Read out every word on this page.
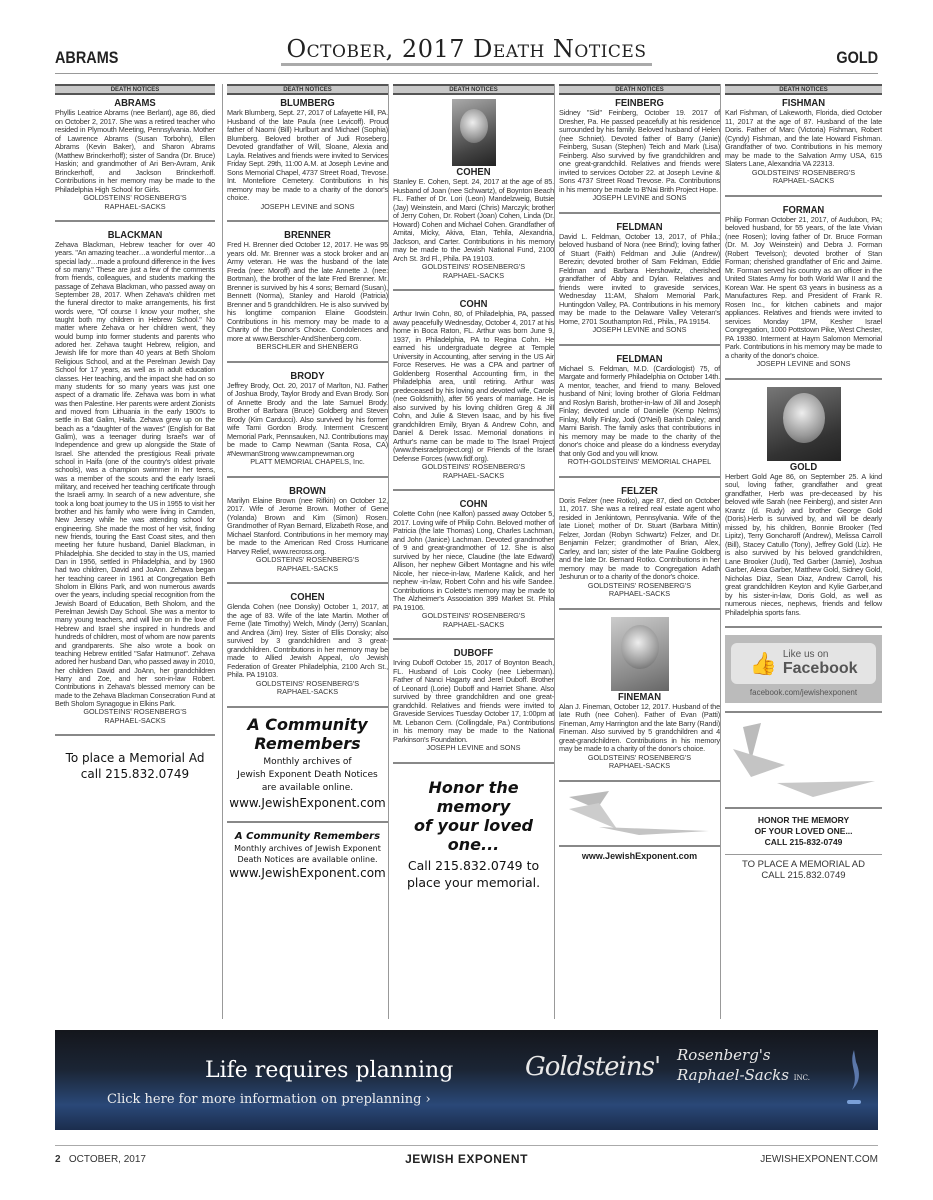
ABRAMS	October, 2017 Death Notices	GOLD
DEATH NOTICES
ABRAMS

Phyllis Leatrice Abrams (nee Berlant), age 86, died on October 2, 2017. She was a retired teacher who resided in Plymouth Meeting, Pennsylvania. Mother of Lawrence Abrams (Susan Torbohn), Ellen Abrams (Kevin Baker), and Sharon Abrams (Matthew Brinckerhoff); sister of Sandra (Dr. Bruce) Haskin; and grandmother of Ari Ben-Avram, Anik Brinckerhoff, and Jackson Brinckerhoff. Contributions in her memory may be made to the Philadelphia High School for Girls.

GOLDSTEINS' ROSENBERG'S
RAPHAEL-SACKS
BLACKMAN

Zehava Blackman, Hebrew teacher for over 40 years. "An amazing teacher…a wonderful mentor…a special lady…made a profound difference in the lives of so many." These are just a few of the comments from friends, colleagues, and students marking the passage of Zehava Blackman, who passed away on September 28, 2017. When Zehava's children met the funeral director to make arrangements, his first words were, "Of course I know your mother, she taught both my children in Hebrew School." No matter where Zehava or her children went, they would bump into former students and parents who adored her. Zehava taught Hebrew, religion, and Jewish life for more than 40 years at Beth Sholom Religious School, and at the Perelman Jewish Day School for 17 years, as well as in adult education classes. Her teaching, and the impact she had on so many students for so many years was just one aspect of a dramatic life. Zehava was born in what was then Palestine. Her parents were ardent Zionists and moved from Lithuania in the early 1900's to settle in Bat Galim, Haifa. Zehava grew up on the beach as a "daughter of the waves" (English for Bat Galim), was a teenager during Israel's war of Independence and grew up alongside the State of Israel. She attended the prestigious Reali private school in Haifa (one of the country's oldest private schools), was a champion swimmer in her teens, was a member of the scouts and the early Israeli military, and received her teaching certificate through the Israeli army. In search of a new adventure, she took a long boat journey to the US in 1955 to visit her brother and his family who were living in Camden, New Jersey while he was attending school for engineering. She made the most of her visit, finding new friends, touring the East Coast sites, and then meeting her future husband, Daniel Blackman, in Philadelphia. She decided to stay in the US, married Dan in 1956, settled in Philadelphia, and by 1960 had two children, David and JoAnn. Zehava began her teaching career in 1961 at Congregation Beth Sholom in Elkins Park, and won numerous awards over the years, including special recognition from the Jewish Board of Education, Beth Sholom, and the Perelman Jewish Day School. She was a mentor to many young teachers, and will live on in the love of Hebrew and Israel she inspired in hundreds and hundreds of children, most of whom are now parents and grandparents. She also wrote a book on teaching Hebrew entitled "Safar Hatmunot". Zehava adored her husband Dan, who passed away in 2010, her children David and JoAnn, her grandchildren Harry and Zoe, and her son-in-law Robert. Contributions in Zehava's blessed memory can be made to the Zehava Blackman Consecration Fund at Beth Sholom Synagogue in Elkins Park.

GOLDSTEINS' ROSENBERG'S
RAPHAEL-SACKS
To place a Memorial Ad
call 215.832.0749
DEATH NOTICES
BLUMBERG

Mark Blumberg, Sept. 27, 2017 of Lafayette Hill, PA. Husband of the late Paula (nee Levicoff). Proud father of Naomi (Bill) Hurlburt and Michael (Sophia) Blumberg. Beloved brother of Judi Roseberg. Devoted grandfather of Will, Sloane, Alexia and Layla. Relatives and friends were invited to Services Friday Sept. 29th, 11:00 A.M. at Joseph Levine and Sons Memorial Chapel, 4737 Street Road, Trevose. Int. Montefiore Cemetery. Contributions in his memory may be made to a charity of the donor's choice.

JOSEPH LEVINE and SONS
BRENNER

Fred H. Brenner died October 12, 2017. He was 95 years old. Mr. Brenner was a stock broker and an Army veteran. He was the husband of the late Freda (nee: Moroff) and the late Annette J. (nee: Bortman), the brother of the late Fred Brenner. Mr. Brenner is survived by his 4 sons; Bernard (Susan), Bennett (Norma), Stanley and Harold (Patricia) Brenner and 5 grandchildren. He is also survived by his longtime companion Elaine Goodstein. Contributions in his memory may be made to a Charity of the Donor's Choice. Condolences and more at www.Berschler-AndShenberg.com.

BERSCHLER and SHENBERG
BRODY

Jeffrey Brody, Oct. 20, 2017 of Marlton, NJ. Father of Joshua Brody, Taylor Brody and Evan Brody. Son of Annette Brody and the late Samuel Brody. Brother of Barbara (Bruce) Goldberg and Steven Brody (Kim Carducci). Also survived by his former wife Tami Gordon Brody. Interment Crescent Memorial Park, Pennsauken, NJ. Contributions may be made to Camp Newman (Santa Rosa, CA) #NewmanStrong www.campnewman.org

PLATT MEMORIAL CHAPELS, Inc.
BROWN

Marilyn Elaine Brown (nee Rifkin) on October 12, 2017. Wife of Jerome Brown. Mother of Gene (Yolanda) Brown and Kim (Simon) Rosen. Grandmother of Ryan Bernard, Elizabeth Rose, and Michael Stanford. Contributions in her memory may be made to the American Red Cross Hurricane Harvey Relief, www.recross.org.

GOLDSTEINS' ROSENBERG'S
RAPHAEL-SACKS
COHEN

Glenda Cohen (nee Donsky) October 1, 2017, at the age of 83. Wife of the late Martin. Mother of Ferne (late Timothy) Welch, Mindy (Jerry) Scanlan, and Andrea (Jim) Irey. Sister of Ellis Donsky; also survived by 3 grandchildren and 3 great-grandchildren. Contributions in her memory may be made to Allied Jewish Appeal, c/o Jewish Federation of Greater Philadelphia, 2100 Arch St., Phila. PA 19103.

GOLDSTEINS' ROSENBERG'S
RAPHAEL-SACKS
A Community Remembers
Monthly archives of
Jewish Exponent Death Notices
are available online.
www.JewishExponent.com
A Community Remembers
Monthly archives of Jewish Exponent
Death Notices are available online.
www.JewishExponent.com
DEATH NOTICES
COHEN

Stanley E. Cohen, Sept. 24, 2017 at the age of 85. Husband of Joan (nee Schwartz), of Boynton Beach FL. Father of Dr. Lori (Leon) Mandelzweig, Butsie (Jay) Weinstein, and Marci (Chris) Marczyk; brother of Jerry Cohen, Dr. Robert (Joan) Cohen, Linda (Dr. Howard) Cohen and Michael Cohen. Grandfather of Amitai, Micky, Akiva, Etan, Tehila, Alexandria, Jackson, and Carter. Contributions in his memory may be made to the Jewish National Fund, 2100 Arch St. 3rd Fl., Phila. PA 19103.

GOLDSTEINS' ROSENBERG'S
RAPHAEL-SACKS
COHN

Arthur Irwin Cohn, 80, of Philadelphia, PA, passed away peacefully Wednesday, October 4, 2017 at his home in Boca Raton, FL. Arthur was born June 9, 1937, in Philadelphia, PA to Regina Cohn. He earned his undergraduate degree at Temple University in Accounting, after serving in the US Air Force Reserves. He was a CPA and partner of Goldenberg Rosenthal Accounting firm, in the Philadelphia area, until retiring. Arthur was predeceased by his loving and devoted wife, Carole (nee Goldsmith), after 56 years of marriage. He is also survived by his loving children Greg & Jill Cohn, and Julie & Steven Isaac, and by his five grandchildren Emily, Bryan & Andrew Cohn, and Daniel & Derek Issac. Memorial donations in Arthur's name can be made to The Israel Project (www.theisraelproject.org) or Friends of the Israel Defense Forces (www.fidf.org).

GOLDSTEINS' ROSENBERG'S
RAPHAEL-SACKS
COHN

Colette Cohn (nee Kalfon) passed away October 5, 2017. Loving wife of Philip Cohn. Beloved mother of Patricia (the late Thomas) Long, Charles Lachman, and John (Janice) Lachman. Devoted grandmother of 9 and great-grandmother of 12. She is also survived by her niece, Claudine (the late Edward) Allison, her nephew Gilbert Montagne and his wife Nicole, her niece-in-law, Marlene Kalick, and her nephew -in-law, Robert Cohn and his wife Sandee. Contributions in Colette's memory may be made to The Alzheimer's Association 399 Market St. Phila PA 19106.

GOLDSTEINS' ROSENBERG'S
RAPHAEL-SACKS
DUBOFF

Irving Duboff October 15, 2017 of Boynton Beach, FL. Husband of Lois Cooky (nee Lieberman). Father of Nanci Hagarty and Jerel Duboff. Brother of Leonard (Lorie) Duboff and Harriet Shane. Also survived by three grandchildren and one great-grandchild. Relatives and friends were invited to Graveside Services Tuesday October 17, 1:00pm at Mt. Lebanon Cem. (Collingdale, Pa.) Contributions in his memory may be made to the National Parkinson's Foundation.

JOSEPH LEVINE and SONS
Honor the memory
of your loved one...
Call 215.832.0749 to
place your memorial.
DEATH NOTICES
FEINBERG

Sidney "Sid" Feinberg, October 19. 2017 of Dresher, Pa. He passed peacefully at his residence surrounded by his family. Beloved husband of Helen (nee Schniet). Devoted father of Barry (Janie) Feinberg, Susan (Stephen) Teich and Mark (Lisa) Feinberg. Also survived by five grandchildren and one great-grandchild. Relatives and friends were invited to services October 22. at Joseph Levine & Sons 4737 Street Road Trevose. Pa. Contributions in his memory be made to B'Nai Brith Project Hope.

JOSEPH LEVINE and SONS
FELDMAN

David L. Feldman, October 13, 2017, of Phila.; beloved husband of Nora (nee Brind); loving father of Stuart (Faith) Feldman and Julie (Andrew) Berezin; devoted brother of Sam Feldman, Eddie Feldman and Barbara Hershowitz, cherished grandfather of Abby and Dylan. Relatives and friends were invited to graveside services, Wednesday 11:AM, Shalom Memorial Park, Huntingdon Valley, PA. Contributions in his memory may be made to the Delaware Valley Veteran's Home, 2701 Southampton Rd., Phila., PA 19154.

JOSEPH LEVINE and SONS
FELDMAN

Michael S. Feldman, M.D. (Cardiologist) 75, of Margate and formerly Philadelphia on October 14th. A mentor, teacher, and friend to many. Beloved husband of Nini; loving brother of Gloria Feldman and Roslyn Barish, brother-in-law of Jill and Joseph Finlay; devoted uncle of Danielle (Kemp Nelms) Finlay, Molly Finlay, Jodi (O'Neil) Barish Daley; and Marni Barish. The family asks that contributions in his memory may be made to the charity of the donor's choice and please do a kindness everyday that only God and you will know.

ROTH-GOLDSTEINS' MEMORIAL CHAPEL
FELZER

Doris Felzer (nee Rotko), age 87, died on October 11, 2017. She was a retired real estate agent who resided in Jenkintown, Pennsylvania. Wife of the late Lionel; mother of Dr. Stuart (Barbara Mittin) Felzer, Jordan (Robyn Schwartz) Felzer, and Dr. Benjamin Felzer; grandmother of Brian, Alex, Carley, and Ian; sister of the late Pauline Goldberg and the late Dr. Bernard Rotko. Contributions in her memory may be made to Congregation Adath Jeshurun or to a charity of the donor's choice.

GOLDSTEINS' ROSENBERG'S
RAPHAEL-SACKS
FINEMAN

Alan J. Fineman, October 12, 2017. Husband of the late Ruth (nee Cohen). Father of Evan (Patti) Fineman, Amy Harrington and the late Barry (Randi) Fineman. Also survived by 5 grandchildren and 4 great-grandchildren. Contributions in his memory may be made to a charity of the donor's choice.

GOLDSTEINS' ROSENBERG'S
RAPHAEL-SACKS
www.JewishExponent.com
DEATH NOTICES
FISHMAN

Karl Fishman, of Lakeworth, Florida, died October 11, 2017 at the age of 87. Husband of the late Doris. Father of Marc (Victoria) Fishman, Robert (Cyndy) Fishman, and the late Howard Fishman. Grandfather of two. Contributions in his memory may be made to the Salvation Army USA, 615 Slaters Lane, Alexandria VA 22313.

GOLDSTEINS' ROSENBERG'S
RAPHAEL-SACKS
FORMAN

Philip Forman October 21, 2017, of Audubon, PA; beloved husband, for 55 years, of the late Vivian (nee Rosen); loving father of Dr. Bruce Forman (Dr. M. Joy Weinstein) and Debra J. Forman (Robert Tevelson); devoted brother of Stan Forman; cherished grandfather of Eric and Jaime. Mr. Forman served his country as an officer in the United States Army for both World War II and the Korean War. He spent 63 years in business as a Manufactures Rep. and President of Frank R. Rosen Inc., for kitchen cabinets and major appliances. Relatives and friends were invited to services Monday 1PM, Kesher Israel Congregation, 1000 Pottstown Pike, West Chester, PA 19380. Interment at Haym Salomon Memorial Park. Contributions in his memory may be made to a charity of the donor's choice.

JOSEPH LEVINE and SONS
GOLD

Herbert Gold Age 86, on September 25. A kind soul, loving father, grandfather and great grandfather, Herb was pre-deceased by his beloved wife Sarah (nee Feinberg), and sister Ann Krantz (d. Rudy) and brother George Gold (Doris).Herb is survived by, and will be dearly missed by, his children, Bonnie Brooker (Ted Lipitz), Terry Goncharoff (Andrew), Melissa Carroll (Bill), Stacey Catullo (Tony), Jeffrey Gold (Liz). He is also survived by his beloved grandchildren, Lane Brooker (Judi), Ted Garber (Jamie), Joshua Garber, Alexa Garber, Matthew Gold, Sidney Gold, Nicholas Diaz, Sean Diaz, Andrew Carroll, his great grandchildren Keyton and Kylie Garber,and by his sister-in-law, Doris Gold, as well as numerous nieces, nephews, friends and fellow Philadelphia sports fans.

👍 Like us on
Facebook
facebook.com/jewishexponent
HONOR THE MEMORY
OF YOUR LOVED ONE...
CALL 215-832-0749
TO PLACE A MEMORIAL AD
CALL 215.832.0749
Life requires planning
Click here for more information on preplanning ›
Goldsteins' Rosenberg's
Raphael-Sacks INC.
2 OCTOBER, 2017	JEWISH EXPONENT	JEWISHEXPONENT.COM
